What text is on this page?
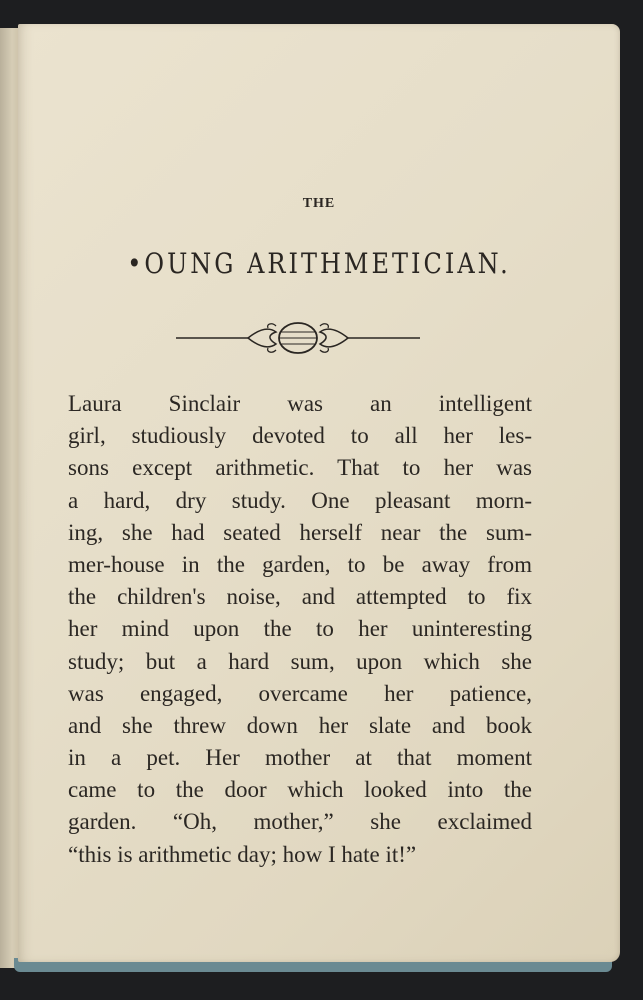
THE
•OUNG ARITHMETICIAN.
Laura Sinclair was an intelligent
girl, studiously devoted to all her les-
sons except arithmetic. That to her was
a hard, dry study. One pleasant morn-
ing, she had seated herself near the sum-
mer-house in the garden, to be away from
the children's noise, and attempted to fix
her mind upon the to her uninteresting
study; but a hard sum, upon which she
was engaged, overcame her patience,
and she threw down her slate and book
in a pet. Her mother at that moment
came to the door which looked into the
garden. “Oh, mother,” she exclaimed
“this is arithmetic day; how I hate it!”
